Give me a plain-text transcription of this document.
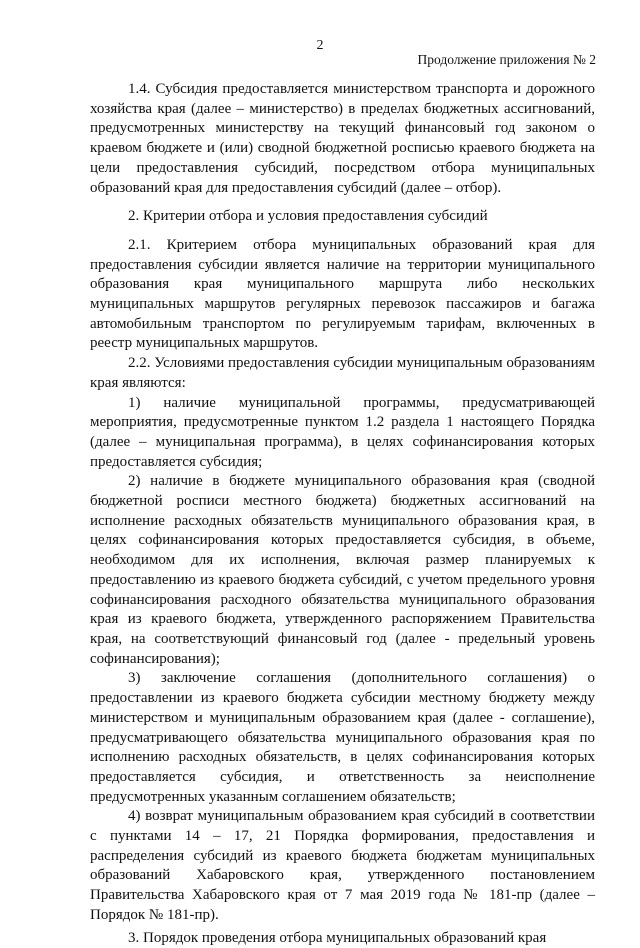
2
Продолжение приложения № 2

1.4. Субсидия предоставляется министерством транспорта и дорожного хозяйства края (далее – министерство) в пределах бюджетных ассигнований, предусмотренных министерству на текущий финансовый год законом о краевом бюджете и (или) сводной бюджетной росписью краевого бюджета на цели предоставления субсидий, посредством отбора муниципальных образований края для предоставления субсидий (далее – отбор).

2. Критерии отбора и условия предоставления субсидий

2.1. Критерием отбора муниципальных образований края для предоставления субсидии является наличие на территории муниципального образования края муниципального маршрута либо нескольких муниципальных маршрутов регулярных перевозок пассажиров и багажа автомобильным транспортом по регулируемым тарифам, включенных в реестр муниципальных маршрутов.

2.2. Условиями предоставления субсидии муниципальным образованиям края являются:

1) наличие муниципальной программы, предусматривающей мероприятия, предусмотренные пунктом 1.2 раздела 1 настоящего Порядка (далее – муниципальная программа), в целях софинансирования которых предоставляется субсидия;

2) наличие в бюджете муниципального образования края (сводной бюджетной росписи местного бюджета) бюджетных ассигнований на исполнение расходных обязательств муниципального образования края, в целях софинансирования которых предоставляется субсидия, в объеме, необходимом для их исполнения, включая размер планируемых к предоставлению из краевого бюджета субсидий, с учетом предельного уровня софинансирования расходного обязательства муниципального образования края из краевого бюджета, утвержденного распоряжением Правительства края, на соответствующий финансовый год (далее - предельный уровень софинансирования);

3) заключение соглашения (дополнительного соглашения) о предоставлении из краевого бюджета субсидии местному бюджету между министерством и муниципальным образованием края (далее - соглашение), предусматривающего обязательства муниципального образования края по исполнению расходных обязательств, в целях софинансирования которых предоставляется субсидия, и ответственность за неисполнение предусмотренных указанным соглашением обязательств;

4) возврат муниципальным образованием края субсидий в соответствии с пунктами 14 – 17, 21 Порядка формирования, предоставления и распределения субсидий из краевого бюджета бюджетам муниципальных образований Хабаровского края, утвержденного постановлением Правительства Хабаровского края от 7 мая 2019 года № 181-пр (далее – Порядок № 181-пр).

3. Порядок проведения отбора муниципальных образований края
